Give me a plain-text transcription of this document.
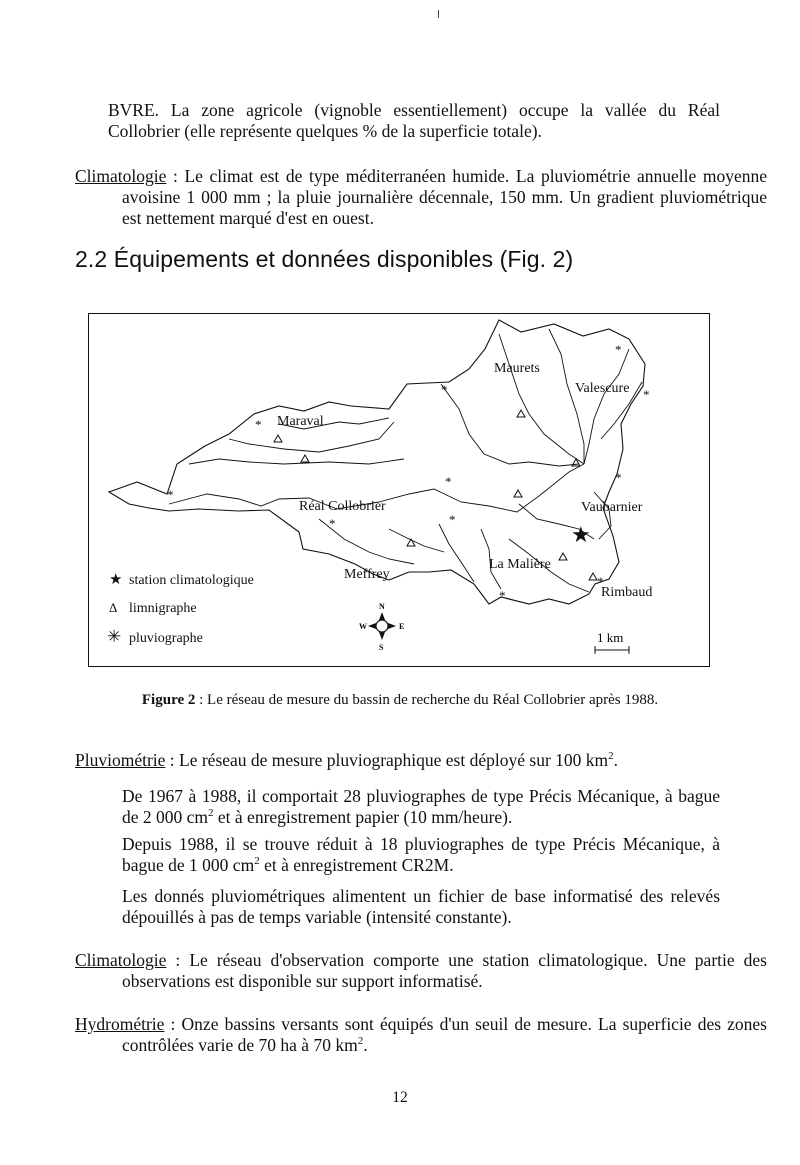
BVRE. La zone agricole (vignoble essentiellement) occupe la vallée du Réal Collobrier (elle représente quelques % de la superficie totale).

Climatologie : Le climat est de type méditerranéen humide. La pluviométrie annuelle moyenne avoisine 1 000 mm ; la pluie journalière décennale, 150 mm. Un gradient pluviométrique est nettement marqué d'est en ouest.

2.2 Équipements et données disponibles (Fig. 2)
Maurets
Valescure
Maraval
Réal Collobrier	Vaubarnier
La Malière
Meffrey
Rimbaud
*
*
*
*
*	*
*
*
*
*
*
★
★ station climatologique
Δ limnigraphe
✳ pluviographe
N
S
W	E
1 km

Figure 2 : Le réseau de mesure du bassin de recherche du Réal Collobrier après 1988.

Pluviométrie : Le réseau de mesure pluviographique est déployé sur 100 $km^2$.

De 1967 à 1988, il comportait 28 pluviographes de type Précis Mécanique, à bague de 2 000 $cm^2$ et à enregistrement papier (10 mm/heure).

Depuis 1988, il se trouve réduit à 18 pluviographes de type Précis Mécanique, à bague de 1 000 $cm^2$ et à enregistrement CR2M.

Les donnés pluviométriques alimentent un fichier de base informatisé des relevés dépouillés à pas de temps variable (intensité constante).

Climatologie : Le réseau d'observation comporte une station climatologique. Une partie des observations est disponible sur support informatisé.

Hydrométrie : Onze bassins versants sont équipés d'un seuil de mesure. La superficie des zones contrôlées varie de 70 ha à 70 $km^2$.

12
